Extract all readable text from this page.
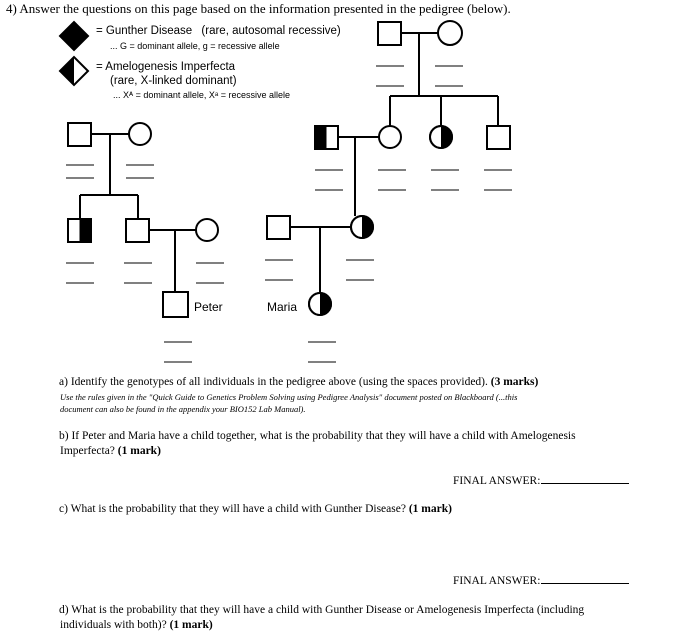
4) Answer the questions on this page based on the information presented in the pedigree (below).
= Gunther Disease (rare, autosomal recessive)
... G = dominant allele, g = recessive allele
= Amelogenesis Imperfecta
(rare, X-linked dominant)
... Xᴬ = dominant allele, Xᵃ = recessive allele
Peter	Maria
a) Identify the genotypes of all individuals in the pedigree above (using the spaces provided). (3 marks)
Use the rules given in the "Quick Guide to Genetics Problem Solving using Pedigree Analysis" document posted on Blackboard (...this
document can also be found in the appendix your BIO152 Lab Manual).
b) If Peter and Maria have a child together, what is the probability that they will have a child with Amelogenesis
Imperfecta? (1 mark)
FINAL ANSWER:
c) What is the probability that they will have a child with Gunther Disease? (1 mark)
FINAL ANSWER:
d) What is the probability that they will have a child with Gunther Disease or Amelogenesis Imperfecta (including
individuals with both)? (1 mark)
